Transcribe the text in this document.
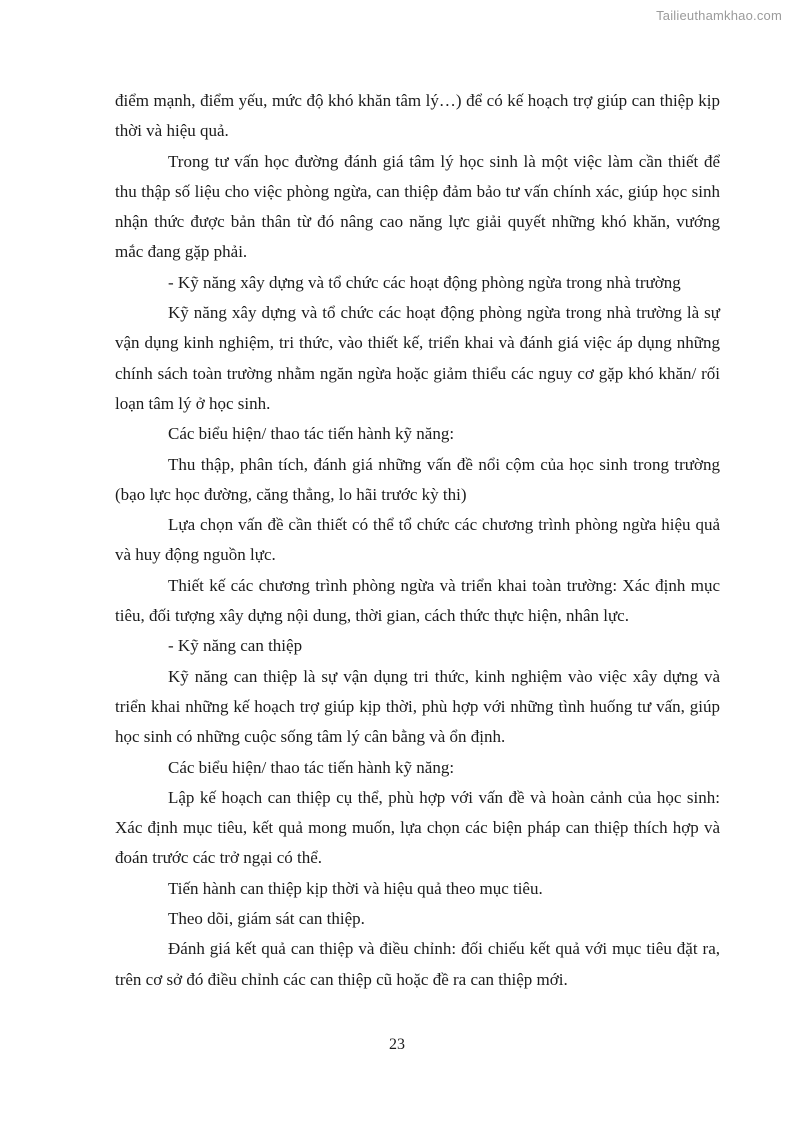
Tailieuthamkhao.com

điểm mạnh, điểm yếu, mức độ khó khăn tâm lý…) để có kế hoạch trợ giúp can thiệp kịp thời và hiệu quả.

Trong tư vấn học đường đánh giá tâm lý học sinh là một việc làm cần thiết để thu thập số liệu cho việc phòng ngừa, can thiệp đảm bảo tư vấn chính xác, giúp học sinh nhận thức được bản thân từ đó nâng cao năng lực giải quyết những khó khăn, vướng mắc đang gặp phải.

- Kỹ năng xây dựng và tổ chức các hoạt động phòng ngừa trong nhà trường

Kỹ năng xây dựng và tổ chức các hoạt động phòng ngừa trong nhà trường là sự vận dụng kinh nghiệm, tri thức, vào thiết kế, triển khai và đánh giá việc áp dụng những chính sách toàn trường nhằm ngăn ngừa hoặc giảm thiểu các nguy cơ gặp khó khăn/ rối loạn tâm lý ở học sinh.

Các biểu hiện/ thao tác tiến hành kỹ năng:

Thu thập, phân tích, đánh giá những vấn đề nổi cộm của học sinh trong trường (bạo lực học đường, căng thẳng, lo hãi trước kỳ thi)

Lựa chọn vấn đề cần thiết có thể tổ chức các chương trình phòng ngừa hiệu quả và huy động nguồn lực.

Thiết kế các chương trình phòng ngừa và triển khai toàn trường: Xác định mục tiêu, đối tượng xây dựng nội dung, thời gian, cách thức thực hiện, nhân lực.

- Kỹ năng can thiệp

Kỹ năng can thiệp là sự vận dụng tri thức, kinh nghiệm vào việc xây dựng và triển khai những kế hoạch trợ giúp kịp thời, phù hợp với những tình huống tư vấn, giúp học sinh có những cuộc sống tâm lý cân bằng và ổn định.

Các biểu hiện/ thao tác tiến hành kỹ năng:

Lập kế hoạch can thiệp cụ thể, phù hợp với vấn đề và hoàn cảnh của học sinh: Xác định mục tiêu, kết quả mong muốn, lựa chọn các biện pháp can thiệp thích hợp và đoán trước các trở ngại có thể.

Tiến hành can thiệp kịp thời và hiệu quả theo mục tiêu.

Theo dõi, giám sát can thiệp.

Đánh giá kết quả can thiệp và điều chỉnh: đối chiếu kết quả với mục tiêu đặt ra, trên cơ sở đó điều chỉnh các can thiệp cũ hoặc đề ra can thiệp mới.

23
